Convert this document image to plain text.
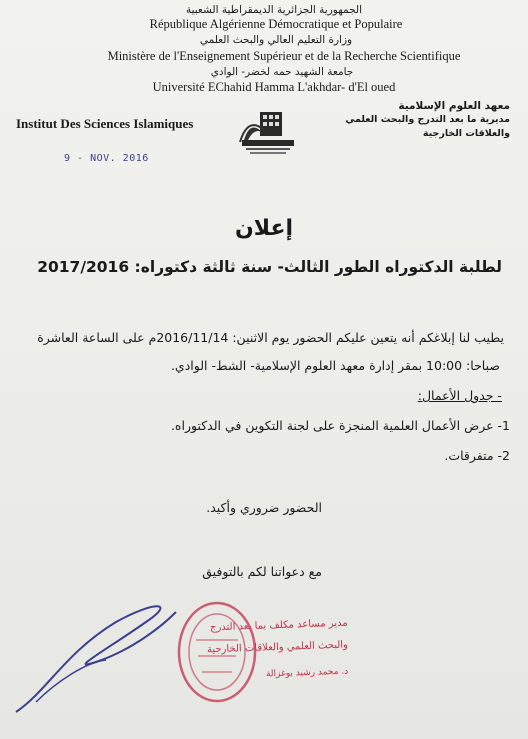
الجمهورية الجزائرية الديمقراطية الشعبية
République Algérienne Démocratique et Populaire
وزارة التعليم العالي والبحث العلمي
Ministère de l'Enseignement Supérieur et de la Recherche Scientifique
جامعة الشهيد حمه لخضر- الوادي
Université EChahid Hamma L'akhdar- d'El oued
Institut Des Sciences Islamiques
معهد العلوم الإسلامية
مديرية ما بعد التدرج والبحث العلمي
والعلاقات الخارجية
9 - NOV. 2016
إعلان
لطلبة الدكتوراه الطور الثالث- سنة ثالثة دكتوراه: 2017/2016
يطيب لنا إبلاغكم أنه يتعين عليكم الحضور يوم الاثنين: 2016/11/14م على الساعة العاشرة
صباحا: 10:00 بمقر إدارة معهد العلوم الإسلامية- الشط- الوادي.
- جدول الأعمال:
1- عرض الأعمال العلمية المنجزة على لجنة التكوين في الدكتوراه.
2- متفرقات.
الحضور ضروري وأكيد.
مع دعواتنا لكم بالتوفيق
مدير مساعد مكلف بما بعد التدرج
والبحث العلمي والعلاقات الخارجية
د. محمد رشيد بوغزالة
